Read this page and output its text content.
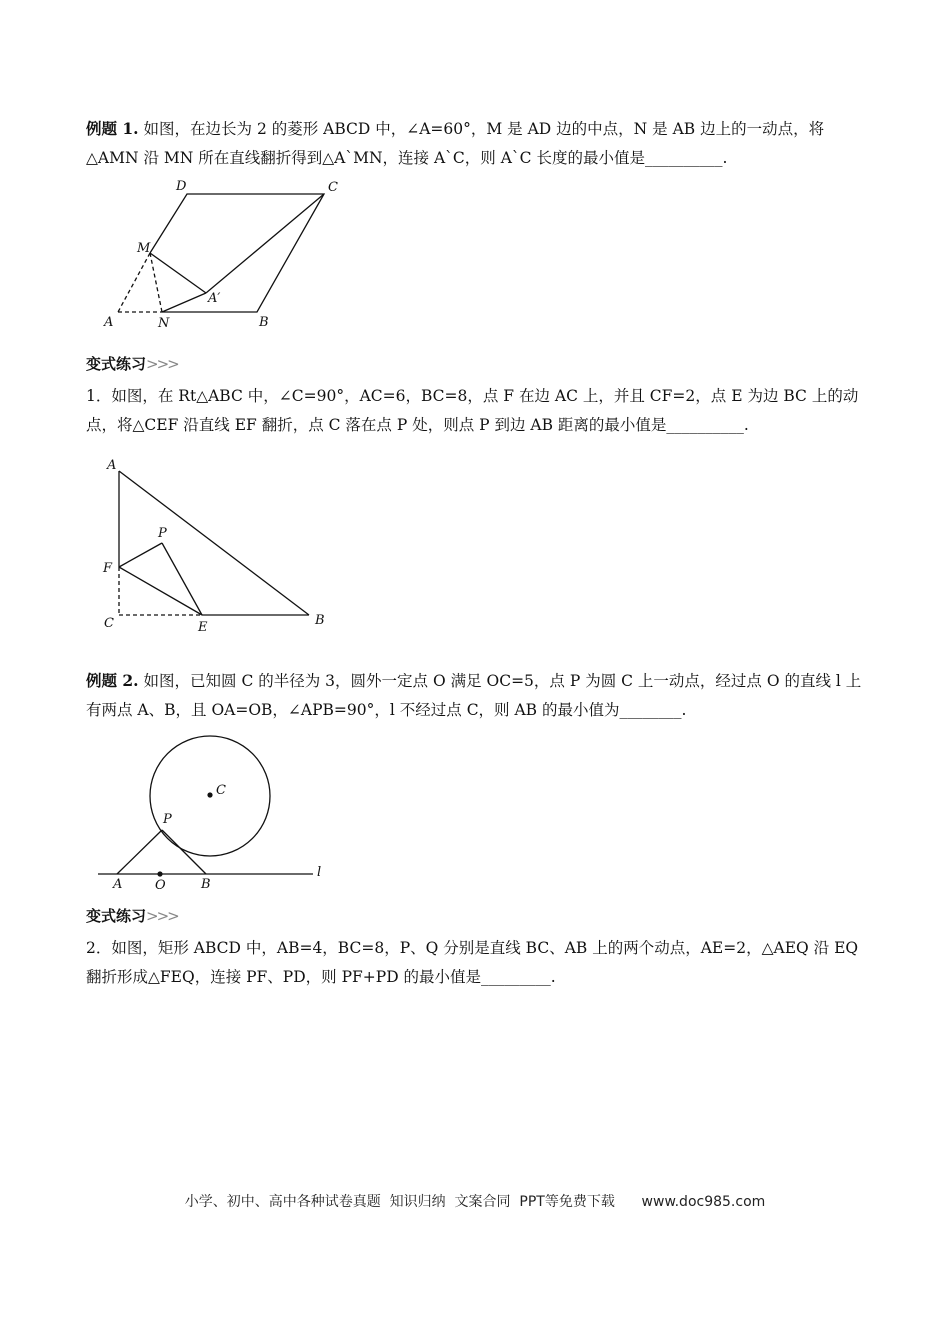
例题 1. 如图，在边长为 2 的菱形 ABCD 中，∠A=60°，M 是 AD 边的中点，N 是 AB 边上的一动点，将△AMN 沿 MN 所在直线翻折得到△A`MN，连接 A`C，则 A`C 长度的最小值是__________.

D	C
M
A′
A	N	B
A
P
F
C	E	B
C
P
A	O	B
l
变式练习>>>

1．如图，在 Rt△ABC 中，∠C=90°，AC=6，BC=8，点 F 在边 AC 上，并且 CF=2，点 E 为边 BC 上的动点，将△CEF 沿直线 EF 翻折，点 C 落在点 P 处，则点 P 到边 AB 距离的最小值是__________.

例题 2. 如图，已知圆 C 的半径为 3，圆外一定点 O 满足 OC=5，点 P 为圆 C 上一动点，经过点 O 的直线 l 上有两点 A、B，且 OA=OB，∠APB=90°，l 不经过点 C，则 AB 的最小值为________.

变式练习>>>

2．如图，矩形 ABCD 中，AB=4，BC=8，P、Q 分别是直线 BC、AB 上的两个动点，AE=2，△AEQ 沿 EQ 翻折形成△FEQ，连接 PF、PD，则 PF+PD 的最小值是_________.

小学、初中、高中各种试卷真题  知识归纳  文案合同  PPT等免费下载      www.doc985.com
